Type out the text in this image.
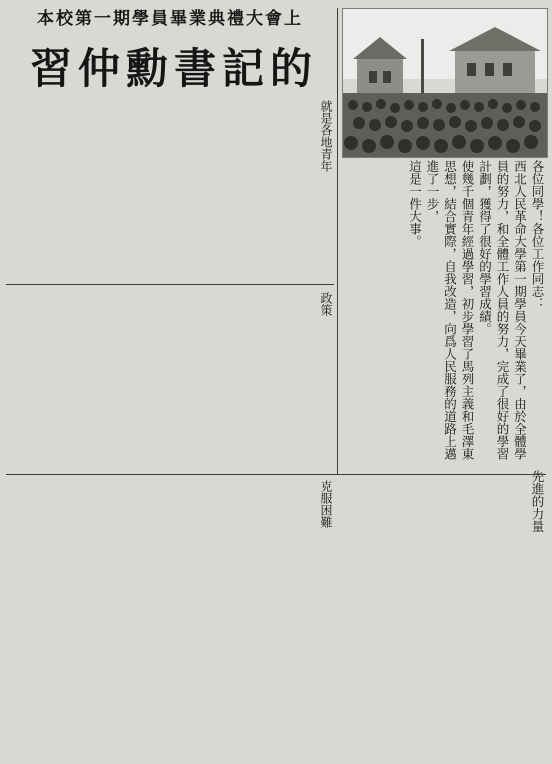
本校第一期學員畢業典禮大會上
習仲勳書記的
各位同學！各位工作同志：
西北人民革命大學第一期學員今天畢業了，由於全體學員的努力，和全體工作人員的努力，完成了很好的學習計劃，獲得了很好的學習成績。
使幾千個青年經過學習，初步學習了馬列主義和毛澤東思想，結合實際，自我改造，向爲人民服務的道路上邁進了一步，
這是一件大事。
就是各地青年
政策
先進的力量
克服困難
